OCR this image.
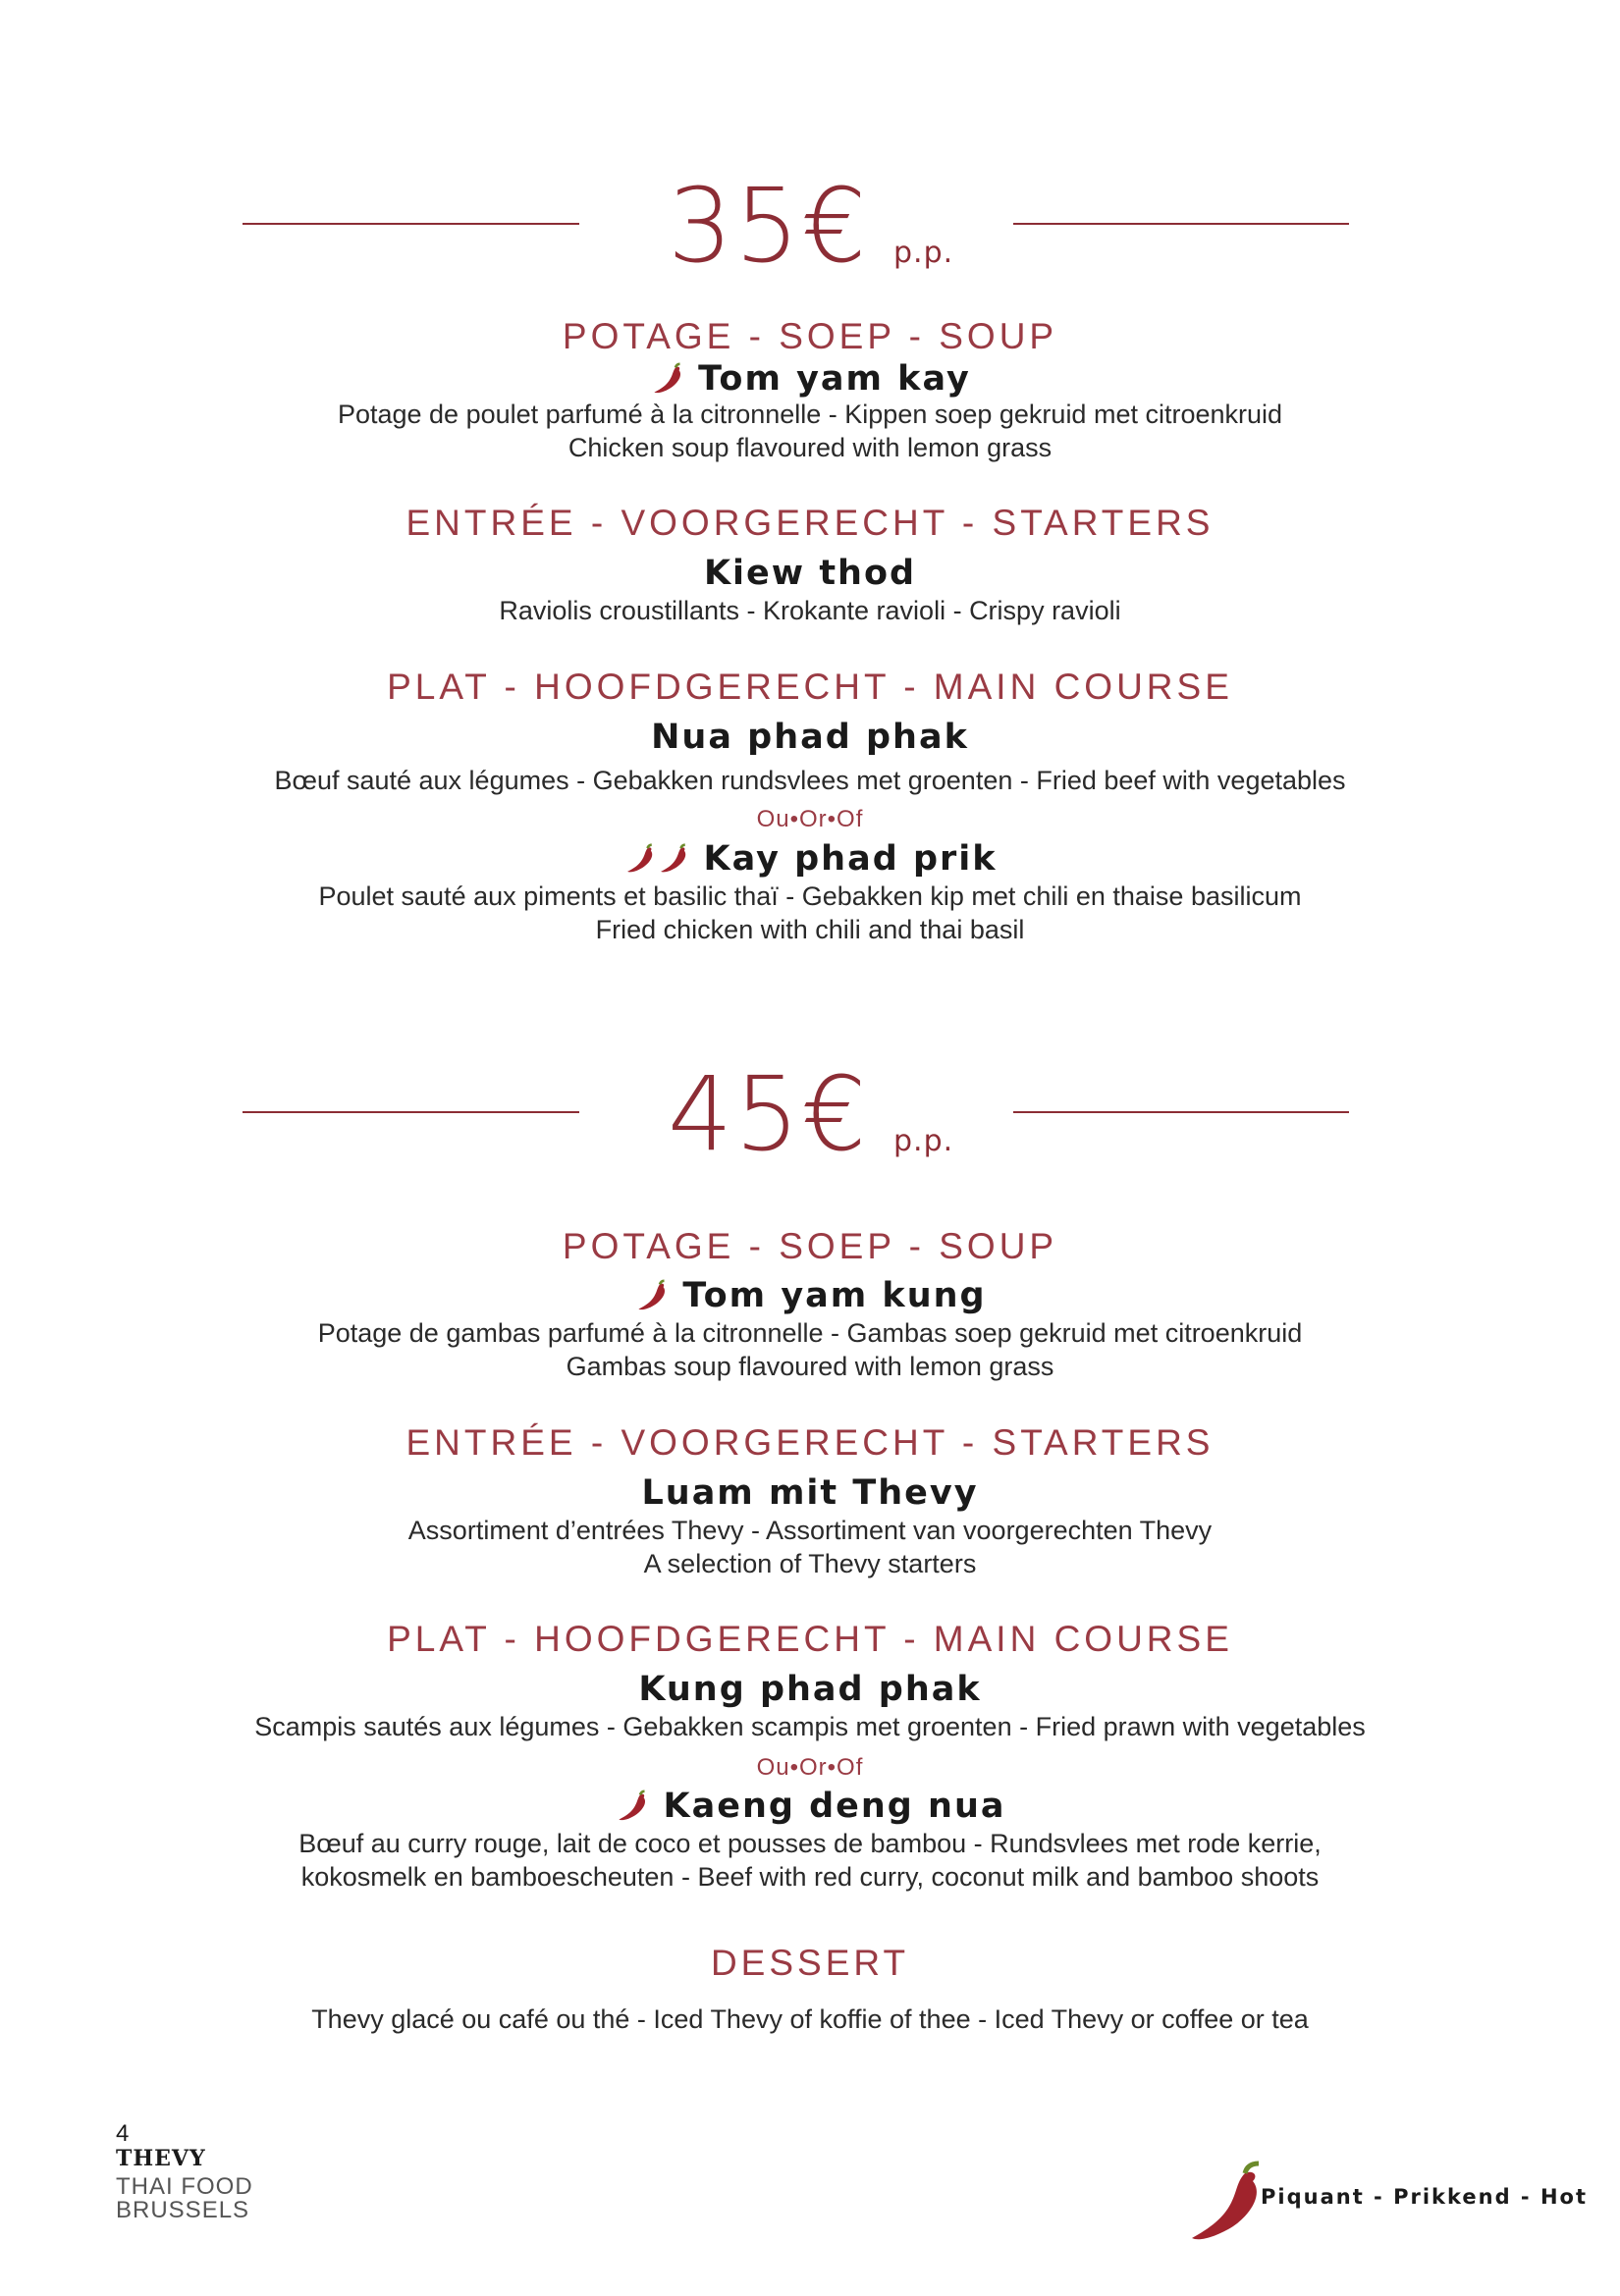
35€ p.p.
POTAGE - SOEP - SOUP
Tom yam kay
Potage de poulet parfumé à la citronnelle - Kippen soep gekruid met citroenkruid
Chicken soup flavoured with lemon grass
ENTRÉE - VOORGERECHT - STARTERS
Kiew thod
Raviolis croustillants - Krokante ravioli - Crispy ravioli
PLAT - HOOFDGERECHT - MAIN COURSE
Nua phad phak
Bœuf sauté aux légumes - Gebakken rundsvlees met groenten - Fried beef with vegetables
Ou•Or•Of
Kay phad prik
Poulet sauté aux piments et basilic thaï - Gebakken kip met chili en thaise basilicum
Fried chicken with chili and thai basil
45€ p.p.
POTAGE - SOEP - SOUP
Tom yam kung
Potage de gambas parfumé à la citronnelle - Gambas soep gekruid met citroenkruid
Gambas soup flavoured with lemon grass
ENTRÉE - VOORGERECHT - STARTERS
Luam mit Thevy
Assortiment d’entrées Thevy - Assortiment van voorgerechten Thevy
A selection of Thevy starters
PLAT - HOOFDGERECHT - MAIN COURSE
Kung phad phak
Scampis sautés aux légumes - Gebakken scampis met groenten - Fried prawn with vegetables
Ou•Or•Of
Kaeng deng nua
Bœuf au curry rouge, lait de coco et pousses de bambou - Rundsvlees met rode kerrie,
kokosmelk en bamboescheuten - Beef with red curry, coconut milk and bamboo shoots
DESSERT
Thevy glacé ou café ou thé - Iced Thevy of koffie of thee - Iced Thevy or coffee or tea
4
THEVY
THAI FOOD
BRUSSELS	Piquant - Prikkend - Hot
